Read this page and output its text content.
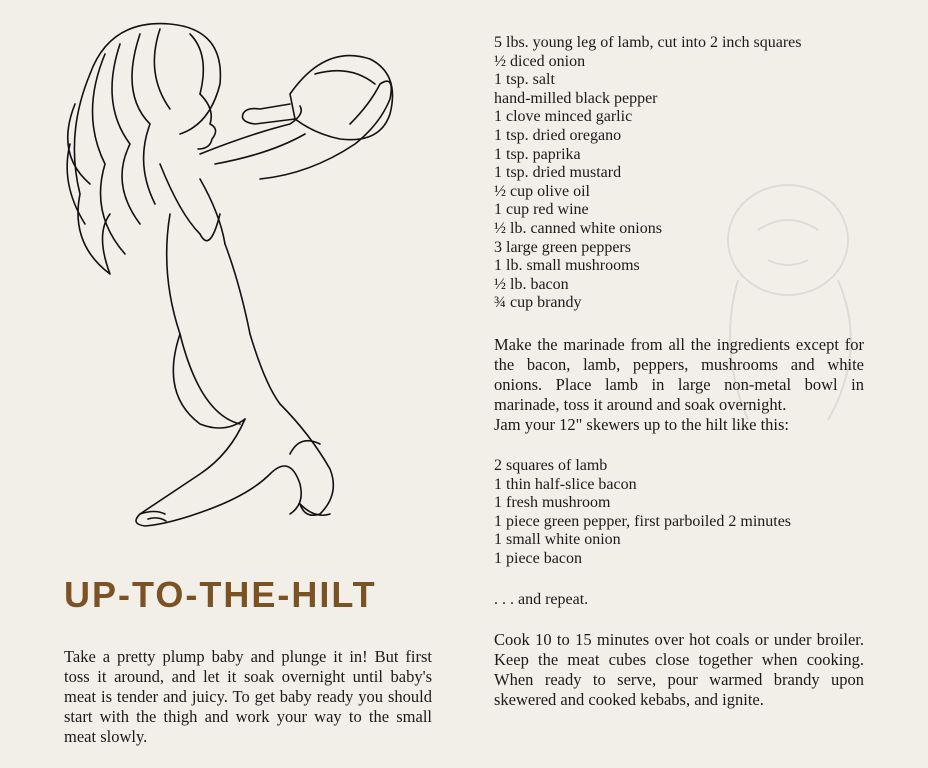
UP-TO-THE-HILT

Take a pretty plump baby and plunge it in! But first toss it around, and let it soak overnight until baby's meat is tender and juicy. To get baby ready you should start with the thigh and work your way to the small meat slowly.

5 lbs. young leg of lamb, cut into 2 inch squares
½ diced onion
1 tsp. salt
hand-milled black pepper
1 clove minced garlic
1 tsp. dried oregano
1 tsp. paprika
1 tsp. dried mustard
½ cup olive oil
1 cup red wine
½ lb. canned white onions
3 large green peppers
1 lb. small mushrooms
½ lb. bacon
¾ cup brandy

Make the marinade from all the ingredients except for the bacon, lamb, peppers, mushrooms and white onions. Place lamb in large non-metal bowl in marinade, toss it around and soak overnight.

Jam your 12" skewers up to the hilt like this:

2 squares of lamb
1 thin half-slice bacon
1 fresh mushroom
1 piece green pepper, first parboiled 2 minutes
1 small white onion
1 piece bacon

. . . and repeat.

Cook 10 to 15 minutes over hot coals or under broiler. Keep the meat cubes close together when cooking. When ready to serve, pour warmed brandy upon skewered and cooked kebabs, and ignite.
